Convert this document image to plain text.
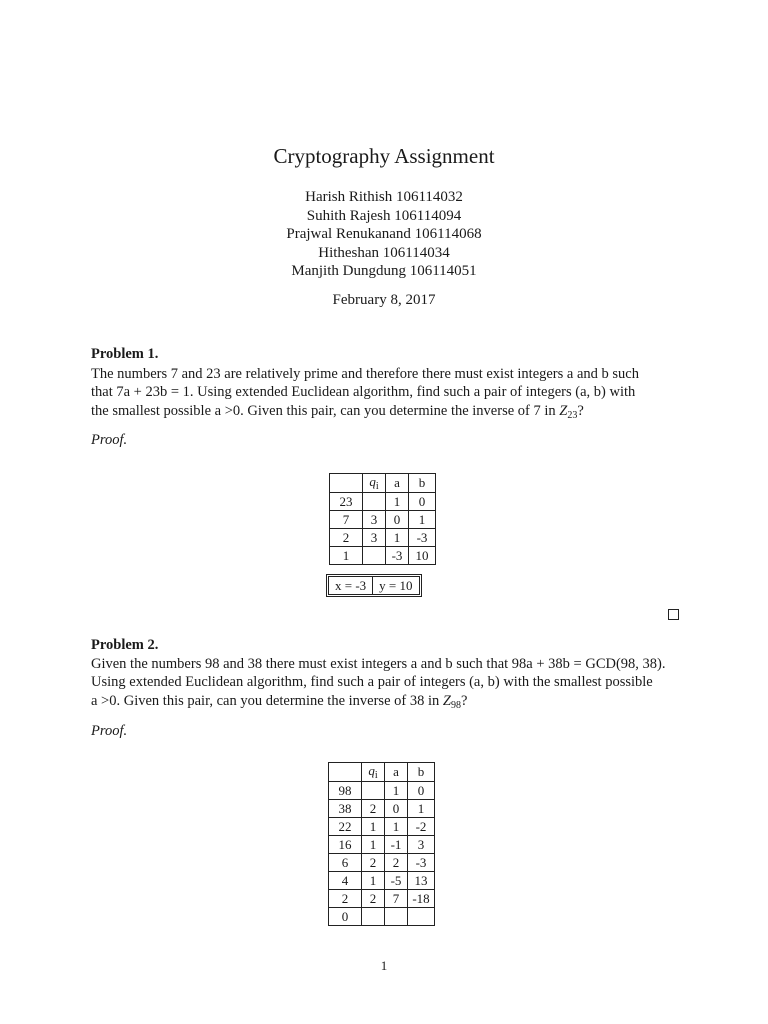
Cryptography Assignment
Harish Rithish 106114032
Suhith Rajesh 106114094
Prajwal Renukanand 106114068
Hitheshan 106114034
Manjith Dungdung 106114051
February 8, 2017
Problem 1.
The numbers 7 and 23 are relatively prime and therefore there must exist integers a and b such
that 7a + 23b = 1. Using extended Euclidean algorithm, find such a pair of integers (a, b) with
the smallest possible a >0. Given this pair, can you determine the inverse of 7 in $Z_{23}$?
Proof.
	$q_i$	a	b
23		1	0
7	3	0	1
2	3	1	-3
1		-3	10
x = -3	y = 10
Problem 2.
Given the numbers 98 and 38 there must exist integers a and b such that 98a + 38b = GCD(98, 38).
Using extended Euclidean algorithm, find such a pair of integers (a, b) with the smallest possible
a >0. Given this pair, can you determine the inverse of 38 in $Z_{98}$?
Proof.
	$q_i$	a	b
98		1	0
38	2	0	1
22	1	1	-2
16	1	-1	3
6	2	2	-3
4	1	-5	13
2	2	7	-18
0			
1
